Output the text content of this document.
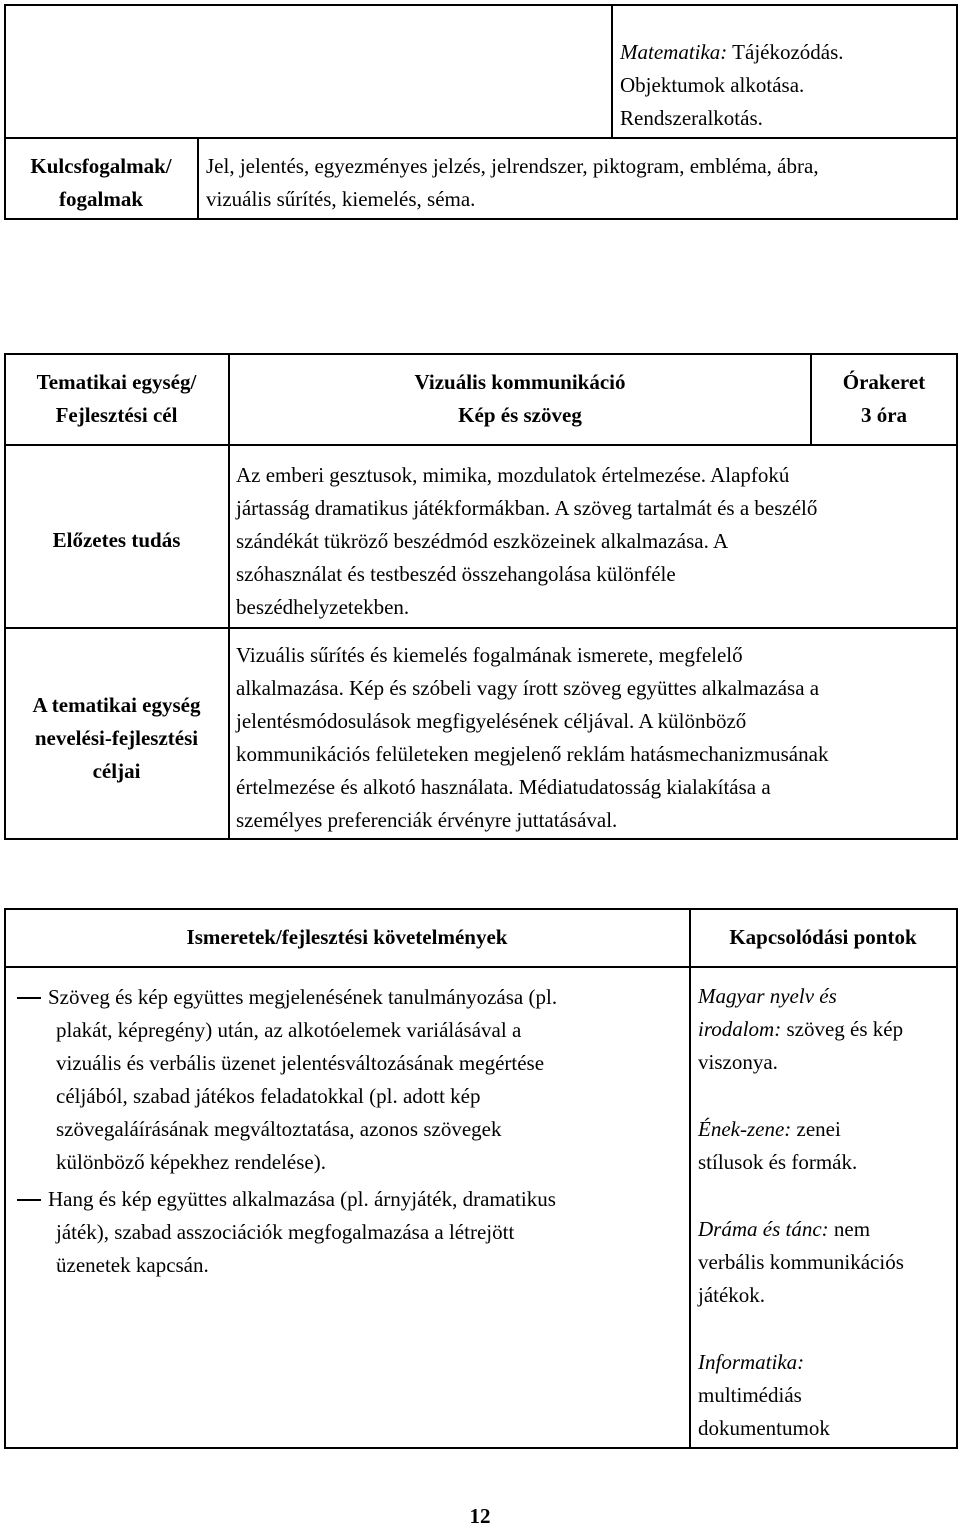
Matematika: Tájékozódás.
Objektumok alkotása.
Rendszeralkotás.
Kulcsfogalmak/
fogalmak
Jel, jelentés, egyezményes jelzés, jelrendszer, piktogram, embléma, ábra,
vizuális sűrítés, kiemelés, séma.
Tematikai egység/
Fejlesztési cél
Vizuális kommunikáció
Kép és szöveg
Órakeret
3 óra
Előzetes tudás
Az emberi gesztusok, mimika, mozdulatok értelmezése. Alapfokú
jártasság dramatikus játékformákban. A szöveg tartalmát és a beszélő
szándékát tükröző beszédmód eszközeinek alkalmazása. A
szóhasználat és testbeszéd összehangolása különféle
beszédhelyzetekben.
A tematikai egység
nevelési-fejlesztési
céljai
Vizuális sűrítés és kiemelés fogalmának ismerete, megfelelő
alkalmazása. Kép és szóbeli vagy írott szöveg együttes alkalmazása a
jelentésmódosulások megfigyelésének céljával. A különböző
kommunikációs felületeken megjelenő reklám hatásmechanizmusának
értelmezése és alkotó használata. Médiatudatosság kialakítása a
személyes preferenciák érvényre juttatásával.
Ismeretek/fejlesztési követelmények	Kapcsolódási pontok
Szöveg és kép együttes megjelenésének tanulmányozása (pl.
plakát, képregény) után, az alkotóelemek variálásával a
vizuális és verbális üzenet jelentésváltozásának megértése
céljából, szabad játékos feladatokkal (pl. adott kép
szövegaláírásának megváltoztatása, azonos szövegek
különböző képekhez rendelése).
Hang és kép együttes alkalmazása (pl. árnyjáték, dramatikus
játék), szabad asszociációk megfogalmazása a létrejött
üzenetek kapcsán.
Magyar nyelv és
irodalom: szöveg és kép
viszonya.
Ének-zene: zenei
stílusok és formák.
Dráma és tánc: nem
verbális kommunikációs
játékok.
Informatika:
multimédiás
dokumentumok
12
